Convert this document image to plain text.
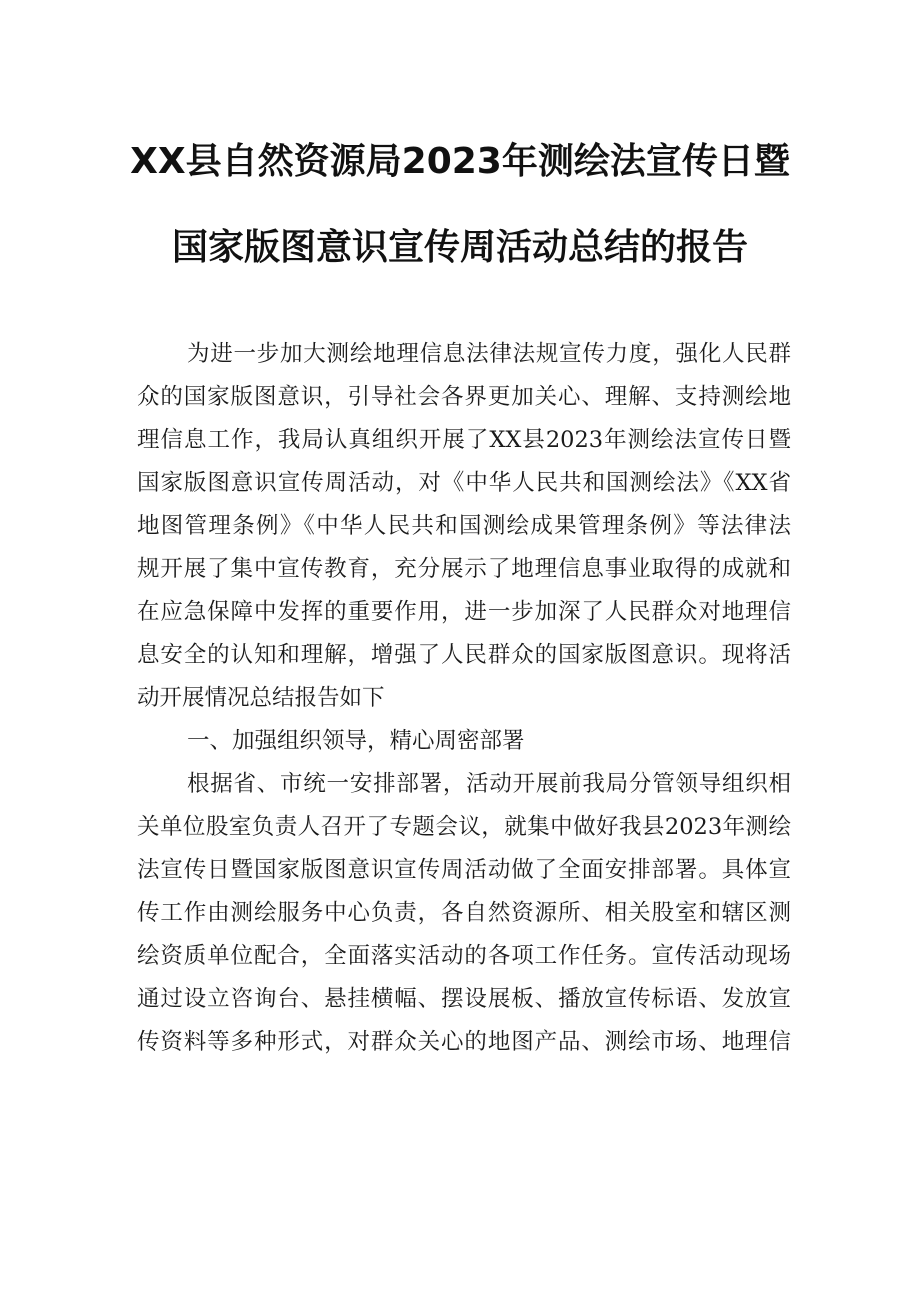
XX县自然资源局2023年测绘法宣传日暨
国家版图意识宣传周活动总结的报告
为进一步加大测绘地理信息法律法规宣传力度，强化人民群
众的国家版图意识，引导社会各界更加关心、理解、支持测绘地
理信息工作，我局认真组织开展了XX县2023年测绘法宣传日暨
国家版图意识宣传周活动，对《中华人民共和国测绘法》《XX省
地图管理条例》《中华人民共和国测绘成果管理条例》等法律法
规开展了集中宣传教育，充分展示了地理信息事业取得的成就和
在应急保障中发挥的重要作用，进一步加深了人民群众对地理信
息安全的认知和理解，增强了人民群众的国家版图意识。现将活
动开展情况总结报告如下
一、加强组织领导，精心周密部署
根据省、市统一安排部署，活动开展前我局分管领导组织相
关单位股室负责人召开了专题会议，就集中做好我县2023年测绘
法宣传日暨国家版图意识宣传周活动做了全面安排部署。具体宣
传工作由测绘服务中心负责，各自然资源所、相关股室和辖区测
绘资质单位配合，全面落实活动的各项工作任务。宣传活动现场
通过设立咨询台、悬挂横幅、摆设展板、播放宣传标语、发放宣
传资料等多种形式，对群众关心的地图产品、测绘市场、地理信
